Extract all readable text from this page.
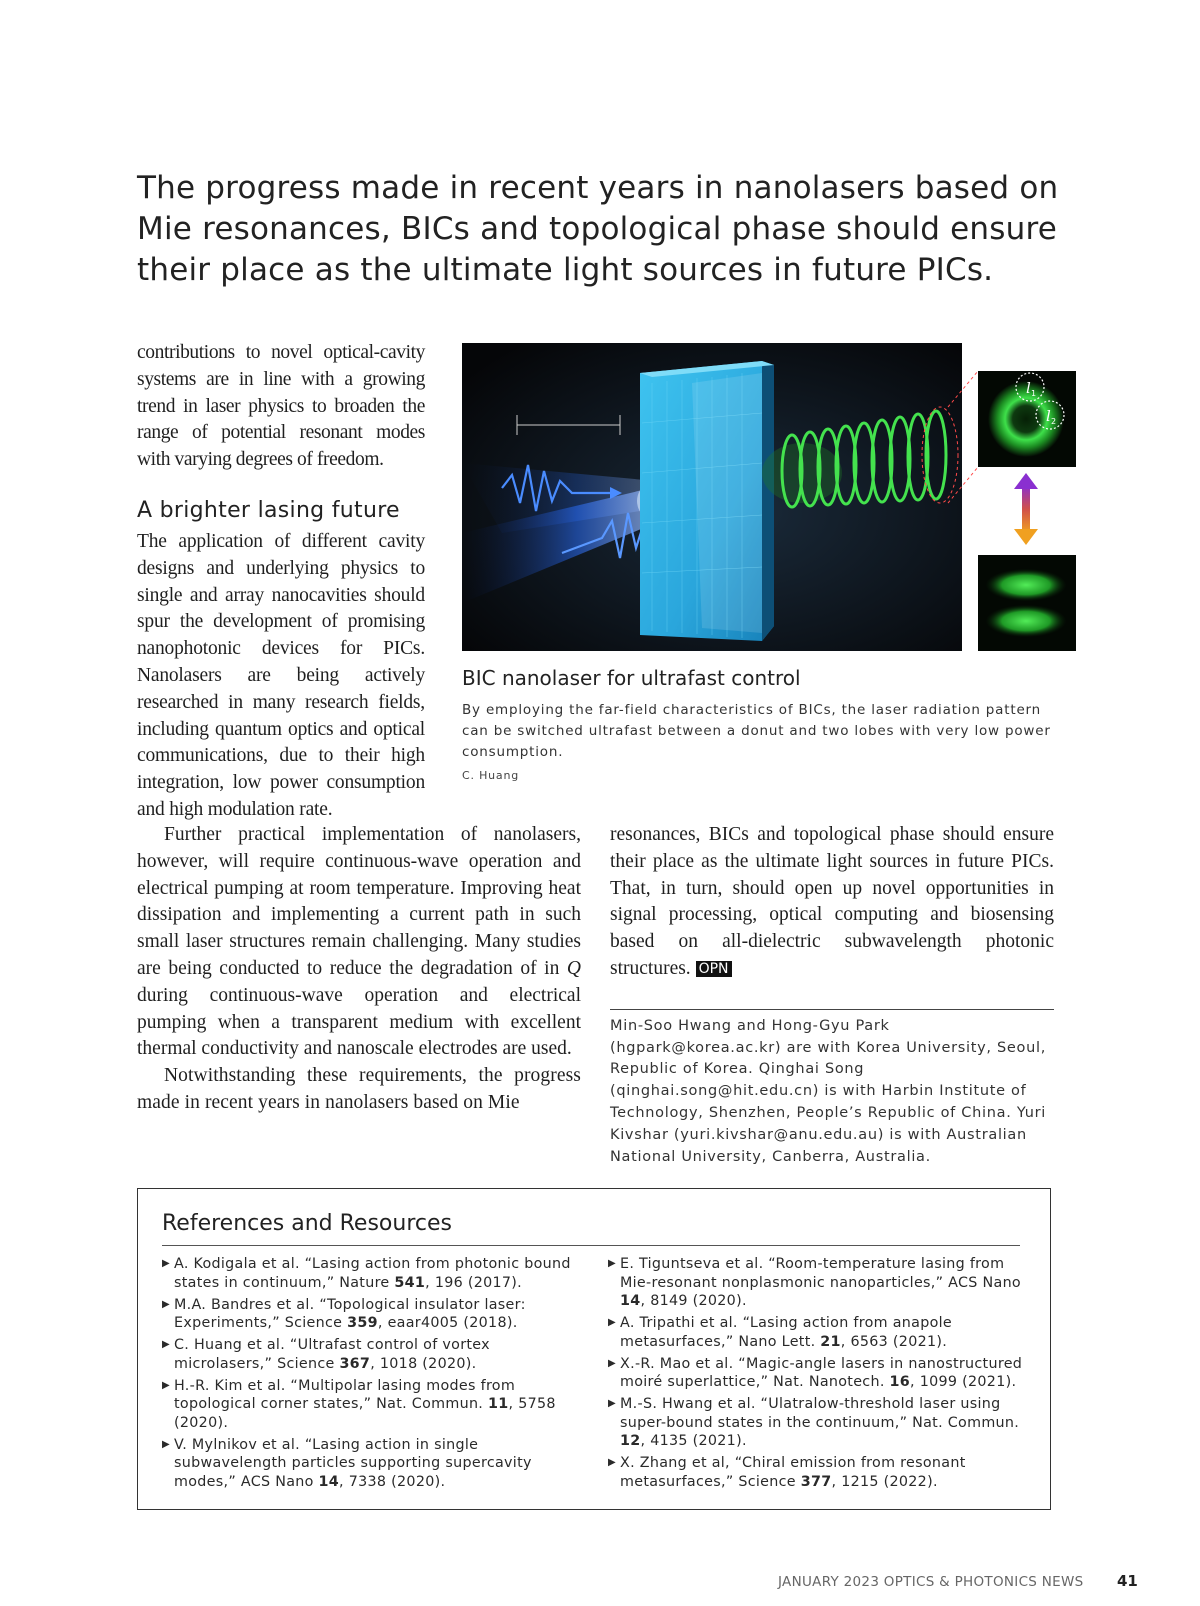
The progress made in recent years in nanolasers based on Mie resonances, BICs and topological phase should ensure their place as the ultimate light sources in future PICs.

contributions to novel optical-cavity systems are in line with a growing trend in laser physics to broaden the range of potential resonant modes with varying degrees of freedom.

A brighter lasing future

The application of different cavity designs and underlying physics to single and array nanocavities should spur the development of promising nanophotonic devices for PICs. Nanolasers are being actively researched in many research fields, including quantum optics and optical communications, due to their high integration, low power consumption and high modulation rate.

l 1
l 2

BIC nanolaser for ultrafast control

By employing the far-field characteristics of BICs, the laser radiation pattern can be switched ultrafast between a donut and two lobes with very low power consumption.

C. Huang

Further practical implementation of nanolasers, however, will require continuous-wave operation and electrical pumping at room temperature. Improving heat dissipation and implementing a current path in such small laser structures remain challenging. Many studies are being conducted to reduce the degradation of in Q during continuous-wave operation and electrical pumping when a transparent medium with excellent thermal conductivity and nanoscale electrodes are used.

Notwithstanding these requirements, the progress made in recent years in nanolasers based on Mie

resonances, BICs and topological phase should ensure their place as the ultimate light sources in future PICs. That, in turn, should open up novel opportunities in signal processing, optical computing and biosensing based on all-dielectric subwavelength photonic structures. OPN

Min-Soo Hwang and Hong-Gyu Park (hgpark@korea.ac.kr) are with Korea University, Seoul, Republic of Korea. Qinghai Song (qinghai.song@hit.edu.cn) is with Harbin Institute of Technology, Shenzhen, People’s Republic of China. Yuri Kivshar (yuri.kivshar@anu.edu.au) is with Australian National University, Canberra, Australia.

References and Resources

▶ A. Kodigala et al. “Lasing action from photonic bound states in continuum,” Nature 541, 196 (2017).
▶ M.A. Bandres et al. “Topological insulator laser: Experiments,” Science 359, eaar4005 (2018).
▶ C. Huang et al. “Ultrafast control of vortex microlasers,” Science 367, 1018 (2020).
▶ H.-R. Kim et al. “Multipolar lasing modes from topological corner states,” Nat. Commun. 11, 5758 (2020).
▶ V. Mylnikov et al. “Lasing action in single subwavelength particles supporting supercavity modes,” ACS Nano 14, 7338 (2020).
▶ E. Tiguntseva et al. “Room-temperature lasing from Mie-resonant nonplasmonic nanoparticles,” ACS Nano 14, 8149 (2020).
▶ A. Tripathi et al. “Lasing action from anapole metasurfaces,” Nano Lett. 21, 6563 (2021).
▶ X.-R. Mao et al. “Magic-angle lasers in nanostructured moiré superlattice,” Nat. Nanotech. 16, 1099 (2021).
▶ M.-S. Hwang et al. “Ulatralow-threshold laser using super-bound states in the continuum,” Nat. Commun. 12, 4135 (2021).
▶ X. Zhang et al, “Chiral emission from resonant metasurfaces,” Science 377, 1215 (2022).
JANUARY 2023 OPTICS & PHOTONICS NEWS	41
